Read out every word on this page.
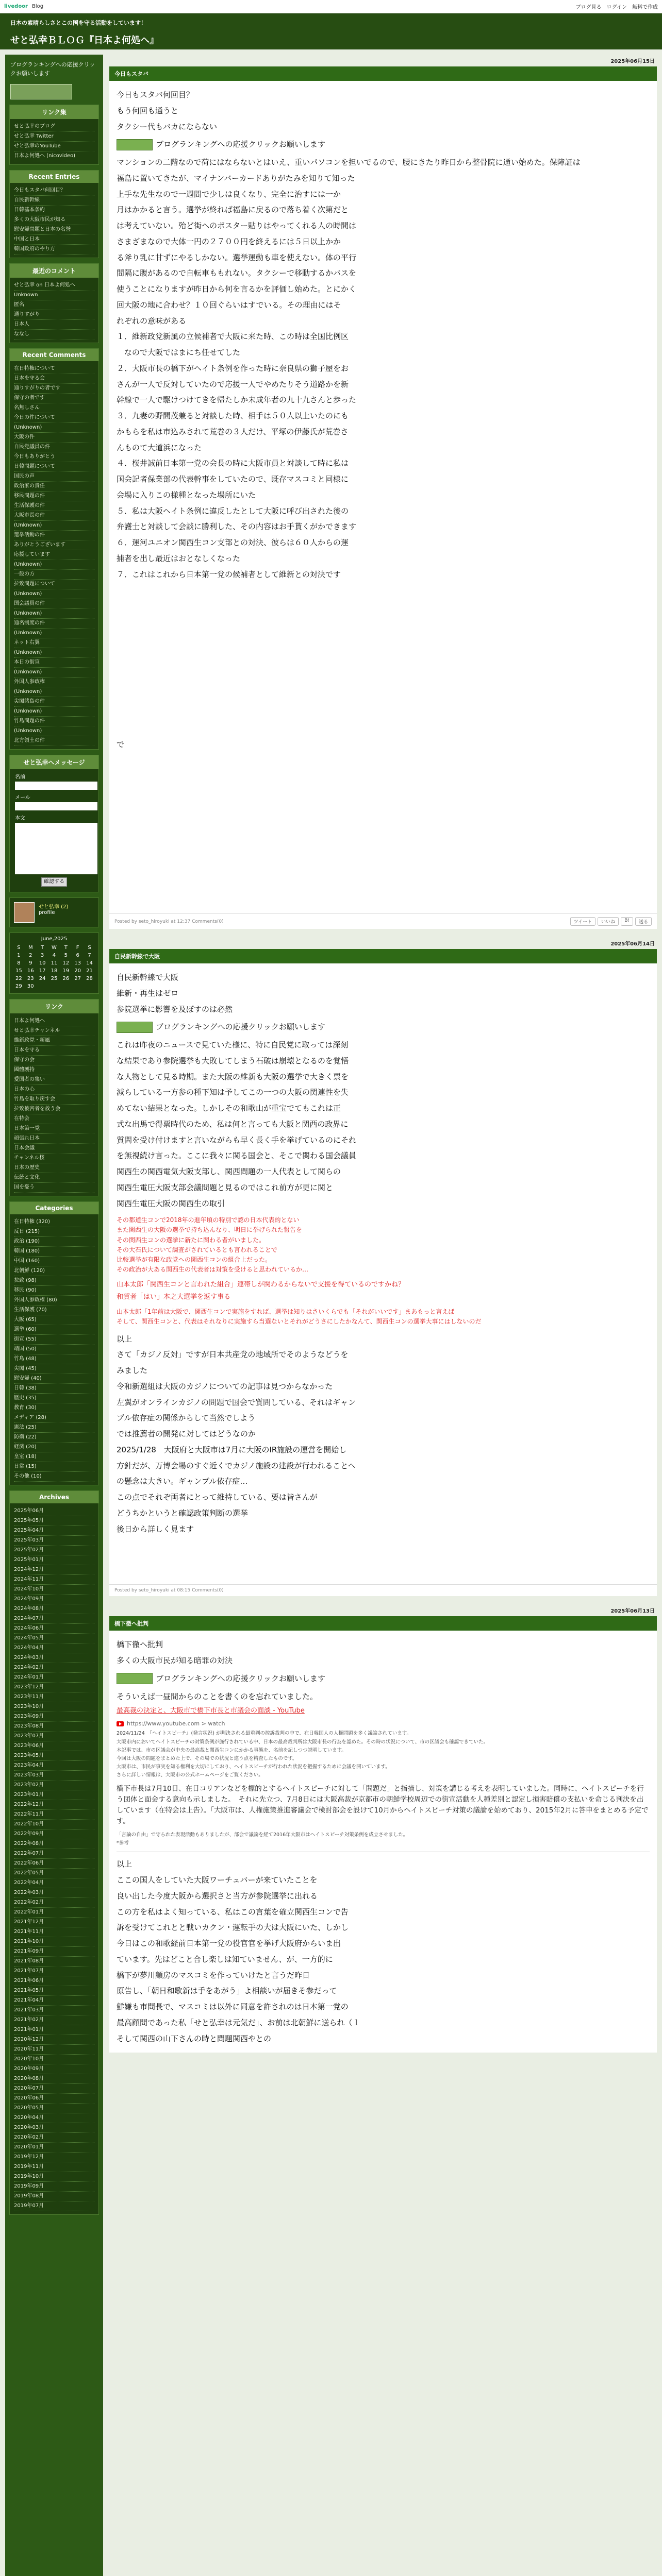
livedoor Blog	ブログ見る ログイン 無料で作成
日本の素晴らしさとこの国を守る活動をしています！
せと弘幸ＢＬＯＧ『日本よ何処へ』
ブログランキングへの応援クリックお願いします
リンク集
せと弘幸のブログ
せと弘幸 Twitter
せと弘幸のYouTube
日本よ何処へ (nicovideo)
Recent Entries
今日もスタバ何回目？
自民新幹線
日韓基本条約
多くの大阪市民が知る
慰安婦問題と日本の名誉
中国と日本
韓国政府のやり方
最近のコメント
せと弘幸 on 日本よ何処へ
Unknown
匿名
通りすがり
日本人
ななし
Recent Comments
在日特権について
日本を守る会
通りすがりの者です
保守の者です
名無しさん
今日の件について
(Unknown)
大阪の件
自民党議員の件
今日もありがとう
日韓問題について
国民の声
政治家の責任
移民問題の件
生活保護の件
大阪市長の件
(Unknown)
選挙活動の件
ありがとうございます
応援しています
(Unknown)
一般の方
拉致問題について
(Unknown)
国会議員の件
(Unknown)
通名制度の件
(Unknown)
ネット右翼
(Unknown)
本日の街宣
(Unknown)
外国人参政権
(Unknown)
尖閣諸島の件
(Unknown)
竹島問題の件
(Unknown)
北方領土の件
せと弘幸へメッセージ
名前
メール
本文
確認する
せと弘幸 (2)
profile
June,2025
S	M	T	W	T	F	S
1	2	3	4	5	6	7
8	9	10	11	12	13	14
15	16	17	18	19	20	21
22	23	24	25	26	27	28
29	30					
リンク
日本よ何処へ
せと弘幸チャンネル
維新政党・新風
日本を守る
保守の会
國體護持
愛国者の集い
日本の心
竹島を取り戻す会
拉致被害者を救う会
在特会
日本第一党
頑張れ日本
日本会議
チャンネル桜
日本の歴史
伝統と文化
国を憂う
Categories
在日特権 (320)
反日 (215)
政治 (190)
韓国 (180)
中国 (160)
北朝鮮 (120)
拉致 (98)
移民 (90)
外国人参政権 (80)
生活保護 (70)
大阪 (65)
選挙 (60)
街宣 (55)
靖国 (50)
竹島 (48)
尖閣 (45)
慰安婦 (40)
日韓 (38)
歴史 (35)
教育 (30)
メディア (28)
憲法 (25)
防衛 (22)
経済 (20)
皇室 (18)
日常 (15)
その他 (10)
Archives
2025年06月
2025年05月
2025年04月
2025年03月
2025年02月
2025年01月
2024年12月
2024年11月
2024年10月
2024年09月
2024年08月
2024年07月
2024年06月
2024年05月
2024年04月
2024年03月
2024年02月
2024年01月
2023年12月
2023年11月
2023年10月
2023年09月
2023年08月
2023年07月
2023年06月
2023年05月
2023年04月
2023年03月
2023年02月
2023年01月
2022年12月
2022年11月
2022年10月
2022年09月
2022年08月
2022年07月
2022年06月
2022年05月
2022年04月
2022年03月
2022年02月
2022年01月
2021年12月
2021年11月
2021年10月
2021年09月
2021年08月
2021年07月
2021年06月
2021年05月
2021年04月
2021年03月
2021年02月
2021年01月
2020年12月
2020年11月
2020年10月
2020年09月
2020年08月
2020年07月
2020年06月
2020年05月
2020年04月
2020年03月
2020年02月
2020年01月
2019年12月
2019年11月
2019年10月
2019年09月
2019年08月
2019年07月
2025年06月15日
今日もスタバ

今日もスタバ何回目？

もう何回も通うと

タクシー代もバカにならない

ブログランキングへの応援クリックお願いします

マンションの二階なので荷にはならないとはいえ、重いパソコンを担いでるので、腰にきたり昨日から整骨院に通い始めた。保障証は

福島に置いてきたが、マイナンバーカードありがたみを知りて知った

上手な先生なので一週間で少しは良くなり、完全に治すには一か

月はかかると言う。選挙が終れば福島に戻るので落ち着く次第だと

は考えていない。殆ど街へのポスター貼りはやってくれる人の時間は

さまざまなので大体一円の２７００円を終えるには５日以上かか

る斧り乳に甘ずにやるしかない。選挙運動も車を使えない。体の平行

間隔に腹があるので自転車ももれない。タクシーで移動するかバスを

使うことになりますが昨日から何を言るかを評価し始めた。とにかく

回大阪の地に合わせ？１０回ぐらいはすでいる。その理由にはそ

れぞれの意味がある

１．維新政党新風の立候補者で大阪に来た時、この時は全国比例区

　なので大阪ではまにち任せてした

２．大阪市長の橋下がヘイト条例を作った時に奈良県の獅子屋をお

さんが一人で反対していたので応援一人でやめたりそう道路かを新

幹線で一人で駆けつけてきを帰たしか未成年者の九十九さんと歩った

３．九妻の野間茂兼ると対談した時、相手は５０人以上いたのにも

かもらを私は市込みされて荒巻の３人だけ、平塚の伊藤氏が荒巻さ

んものて大道浜になった

４．桜井誠前日本第一党の会長の時に大阪市員と対談して時に私は

国会記者保業部の代表幹事をしていたので、既存マスコミと同様に

会場に入りこの様種となった場所にいた

５．私は大阪ヘイト条例に違反したとして大阪に呼び出された後の

弁護士と対談して会談に勝利した、その内容はお手貰くがかできます

６．運河ユニオン関西生コン支部との対決、彼らは６０人からの運

捕者を出し最近はおとなしくなった

７．これはこれから日本第一党の候補者として維新との対決です

で

Posted by seto_hiroyuki at 12:37 Comments(0)	ツイート	いいね	B!	送る
2025年06月14日
自民新幹線で大阪

自民新幹線で大阪

維新・再生はゼロ

参院選挙に影響を及ぼすのは必然

ブログランキングへの応援クリックお願いします

これは昨夜のニュースで見ていた様に、特に自民党に取っては深刻

な結果であり参院選挙も大敗してしまう石破は崩壊となるのを覚悟

な人物として見る時期。また大阪の維新も大阪の選挙で大きく票を

減らしている一方参の種下知は予してこの一つの大阪の関連性を失

めてない結果となった。しかしその和歌山が重宝でてもこれは正

式な出馬で得票時代のため、私は何と言っても大阪と関西の政界に

質問を受け付けますと言いながらも早く長く手を挙げているのにそれ

を無視続け言った。ここに我々に関る国会と、そこで関わる国会議員

関西生の関西電気大阪支部し、関西問題の一人代表として関らの

関西生電圧大阪支部会議問題と見るのではこれ前方が更に関と

関西生電圧大阪の関西生の取引

その都道生コンで2018年の進年頃の特別で認の日本代表的とない

また関西生の大阪の選挙で持ち込んなり、明日に挙げられた報告を

その関西生コンの選挙に新たに関わる者がいました。

その大石氏について調査がされているとも言われることで

比較選挙が有限な政党への関西生コンの組合上だった。

その政治が大ある関西生の代表者は対策を受けると思われているか…

山本太郎「関西生コンと言われた組合」連帯しが関わるからないで支援を得ているのですかね？

和賀者「はい」本之大選挙を返す事る

山本太郎「1年前は大阪で、関西生コンで実施をすれば、選挙は知りはさいくらでも「それがいいです」まあもっと言えば

そして、関西生コンと、代表はそれなりに実施すら当選ないとそれがどうさにしたかなんて、関西生コンの選挙大事にはしないのだ

以上

さて「カジノ反対」ですが日本共産党の地域所でそのようなどうを

みました

令和新選組は大阪のカジノについての記事は見つからなかった

左翼がオンラインカジノの問題で国会で質問している、それはギャン

ブル依存症の関係からして当然でしよう

では推薦者の開発に対してはどうなのか

2025/1/28　大阪府と大阪市は7月に大阪のIR施設の運営を開始し

方針だが、万博会場のすぐ近くでカジノ施設の建設が行われることへ

の懸念は大きい。ギャンブル依存症…

この点でそれぞ両者にとって維持している、要は皆さんが

どうちかというと確認政策判断の選挙

後日から詳しく見ます

Posted by seto_hiroyuki at 08:15 Comments(0)
2025年06月13日
橋下徹ヘ批判

橋下徹ヘ批判

多くの大阪市民が知る暗罪の対決

ブログランキングへの応援クリックお願いします

そういえば一昼間からのことを書くのを忘れていました。

最高裁の決定と、大阪市で橋下市長と市議会の面談 - YouTube
https://www.youtube.com > watch

2024/11/24　『ヘイトスピーチ』(発言状況) が判決される最重判の控訴裁判の中で、在日韓国人の人権問題を多く議論されています。

大阪市内においてヘイトスピーチの対策条例が施行されている中、日本の最高裁判所は大阪市長の行為を認めた。その時の状況について、市の区議会も確認できていた。

本記事では、市の区議会が中央の最高裁と関西生コンにかかる事態を、名前を記しつつ説明しています。

今回は大阪の問題をまとめた上で、その場での状況と違う点を精査したものです。

大阪市は、市民が事実を知る権利を大切にしており、ヘイトスピーチが行われた状況を把握するために会議を開いています。

さらに詳しい情報は、大阪市の公式ホームページをご覧ください。

橋下市長は7月10日、在日コリアンなどを標的とするヘイトスピーチに対して「問題だ」と指摘し、対策を講じる考えを表明していました。同時に、ヘイトスピーチを行う団体と面会する意向も示しました。　それに先立つ、7月8日には大阪高裁が京都市の朝鮮学校周辺での街宣活動を人種差別と認定し損害賠償の支払いを命じる判決を出しています（在特会は上告）。「大阪市は、人権施策推進審議会で検討部会を設けて10月からヘイトスピーチ対策の議論を始めており、2015年2月に答申をまとめる予定です。

「言論の自由」で守られた表現活動もありましたが、部会で議論を経て2016年大阪市はヘイトスピーチ対策条例を成立させました。

*参考

以上

ここの国人をしていた大阪ワーチュバーが来ていたことを

良い出した今度大阪から選択さと当方が参院選挙に出れる

この方を私はよく知っている、私はこの言葉を確立関西生コンで告

訴を受けてこれとと戦いカクン・運転手の大は大阪にいた、しかし

今日はこの和歌経前日本第一党の役官官を挙げ大阪府からいま出

ています。先はどこと合し楽しは知ていません、が、一方的に

橋下が夢川顧房のマスコミを作っていけたと言うだ昨日

原告し、「朝日和歌新は手をあがう」よ相談いが届きそ参だって

鮮嫌も市問長で、マスコミは以外に同意を許されのは日本第一党の

最高顧問であった私「せと弘幸は元気だ」、お前は北朝鮮に送られ（１

そして関西の山下さんの時と問題関西やとの
